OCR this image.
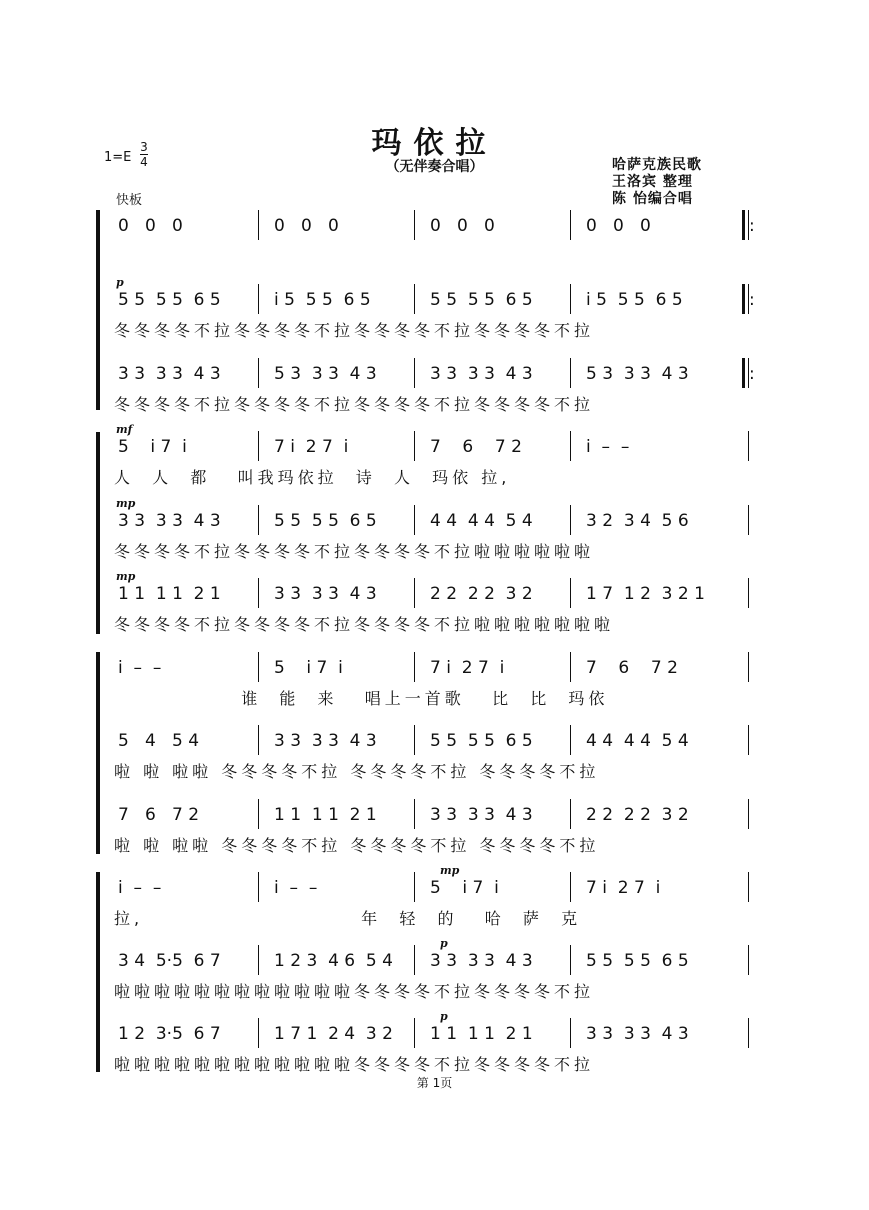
玛依拉
（无伴奏合唱）
1=E
3
4
快板
哈萨克族民歌
王洛宾 整理
陈 怡编合唱
0   0   0	0   0   0	0   0   0	0   0   0	:
p
5 5  5 5  6 5	i 5  5 5  6 5	5 5  5 5  6 5	i 5  5 5  6 5	:
冬冬冬冬不拉冬冬冬冬不拉冬冬冬冬不拉冬冬冬冬不拉
3 3  3 3  4 3	5 3  3 3  4 3	3 3  3 3  4 3	5 3  3 3  4 3	:
冬冬冬冬不拉冬冬冬冬不拉冬冬冬冬不拉冬冬冬冬不拉
mf
5    i 7  i	7 i  2 7  i	7    6    7 2	i  –  –
人  人  都   叫我玛依拉  诗  人  玛依 拉,
mp
3 3  3 3  4 3	5 5  5 5  6 5	4 4  4 4  5 4	3 2  3 4  5 6
冬冬冬冬不拉冬冬冬冬不拉冬冬冬冬不拉啦啦啦啦啦啦
mp
1 1  1 1  2 1	3 3  3 3  4 3	2 2  2 2  3 2	1 7  1 2  3 2 1
冬冬冬冬不拉冬冬冬冬不拉冬冬冬冬不拉啦啦啦啦啦啦啦
i  –  –	5    i 7  i	7 i  2 7  i	7    6    7 2
谁  能  来   唱上一首歌   比  比  玛依
5   4   5 4	3 3  3 3  4 3	5 5  5 5  6 5	4 4  4 4  5 4
啦 啦 啦啦 冬冬冬冬不拉 冬冬冬冬不拉 冬冬冬冬不拉
7   6   7 2	1 1  1 1  2 1	3 3  3 3  4 3	2 2  2 2  3 2
啦 啦 啦啦 冬冬冬冬不拉 冬冬冬冬不拉 冬冬冬冬不拉
mp
i  –  –	i  –  –	5    i 7  i	7 i  2 7  i
拉,                        年  轻  的   哈  萨  克
p
3 4  5·5  6 7	1 2 3  4 6  5 4 3 3  3 3  4 3	5 5  5 5  6 5
啦啦啦啦啦啦啦啦啦啦啦啦冬冬冬冬不拉冬冬冬冬不拉
p
1 2  3·5  6 7	1 7 1  2 4  3 2 1 1  1 1  2 1	3 3  3 3  4 3
啦啦啦啦啦啦啦啦啦啦啦啦冬冬冬冬不拉冬冬冬冬不拉
第 1页
